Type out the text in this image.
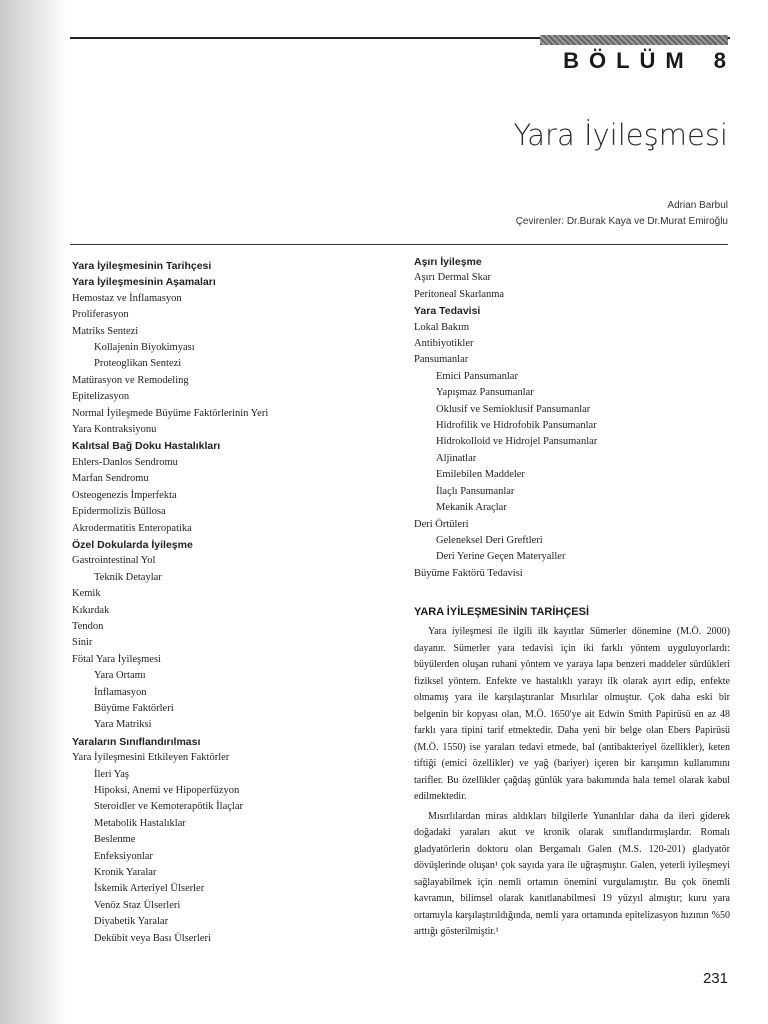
BÖLÜM 8
Yara İyileşmesi
Adrian Barbul
Çevirenler: Dr.Burak Kaya ve Dr.Murat Emiroğlu
Yara İyileşmesinin Tarihçesi
Yara İyileşmesinin Aşamaları
Hemostaz ve İnflamasyon
Proliferasyon
Matriks Sentezi
Kollajenin Biyokimyası
Proteoglikan Sentezi
Matürasyon ve Remodeling
Epitelizasyon
Normal İyileşmede Büyüme Faktörlerinin Yeri
Yara Kontraksiyonu
Kalıtsal Bağ Doku Hastalıkları
Ehlers-Danlos Sendromu
Marfan Sendromu
Osteogenezis İmperfekta
Epidermolizis Büllosa
Akrodermatitis Enteropatika
Özel Dokularda İyileşme
Gastrointestinal Yol
Teknik Detaylar
Kemik
Kıkırdak
Tendon
Sinir
Fötal Yara İyileşmesi
Yara Ortamı
İnflamasyon
Büyüme Faktörleri
Yara Matriksi
Yaraların Sınıflandırılması
Yara İyileşmesini Etkileyen Faktörler
İleri Yaş
Hipoksi, Anemi ve Hipoperfüzyon
Steroidler ve Kemoterapötik İlaçlar
Metabolik Hastalıklar
Beslenme
Enfeksiyonlar
Kronik Yaralar
İskemik Arteriyel Ülserler
Venöz Staz Ülserleri
Diyabetik Yaralar
Dekübit veya Bası Ülserleri
Aşırı İyileşme
Aşırı Dermal Skar
Peritoneal Skarlanma
Yara Tedavisi
Lokal Bakım
Antibiyotikler
Pansumanlar
Emici Pansumanlar
Yapışmaz Pansumanlar
Oklusif ve Semioklusif Pansumanlar
Hidrofilik ve Hidrofobik Pansumanlar
Hidrokolloid ve Hidrojel Pansumanlar
Aljinatlar
Emilebilen Maddeler
İlaçlı Pansumanlar
Mekanik Araçlar
Deri Örtüleri
Geleneksel Deri Greftleri
Deri Yerine Geçen Materyaller
Büyüme Faktörü Tedavisi
YARA İYİLEŞMESİNİN TARİHÇESİ

Yara iyileşmesi ile ilgili ilk kayıtlar Sümerler dönemine (M.Ö. 2000) dayanır. Sümerler yara tedavisi için iki farklı yöntem uyguluyorlardı: büyülerden oluşan ruhani yöntem ve yaraya lapa benzeri maddeler sürdükleri fiziksel yöntem. Enfekte ve hastalıklı yarayı ilk olarak ayırt edip, enfekte olmamış yara ile karşılaştıranlar Mısırlılar olmuştur. Çok daha eski bir belgenin bir kopyası olan, M.Ö. 1650'ye ait Edwin Smith Papirüsü en az 48 farklı yara tipini tarif etmektedir. Daha yeni bir belge olan Ebers Papirüsü (M.Ö. 1550) ise yaraları tedavi etmede, bal (antibakteriyel özellikler), keten tiftiği (emici özellikler) ve yağ (bariyer) içeren bir karışımın kullanımını tarifler. Bu özellikler çağdaş günlük yara bakımında hala temel olarak kabul edilmektedir.

Mısırlılardan miras aldıkları bilgilerle Yunanlılar daha da ileri giderek doğadaki yaraları akut ve kronik olarak sınıflandırmışlardır. Romalı gladyatörlerin doktoru olan Bergamalı Galen (M.S. 120-201) gladyatör dövüşlerinde oluşan¹ çok sayıda yara ile uğraşmıştır. Galen, yeterli iyileşmeyi sağlayabilmek için nemli ortamın önemini vurgulamıştır. Bu çok önemli kavramın, bilimsel olarak kanıtlanabilmesi 19 yüzyıl almıştır; kuru yara ortamıyla karşılaştırıldığında, nemli yara ortamında epitelizasyon hızının %50 arttığı gösterilmiştir.¹

231
